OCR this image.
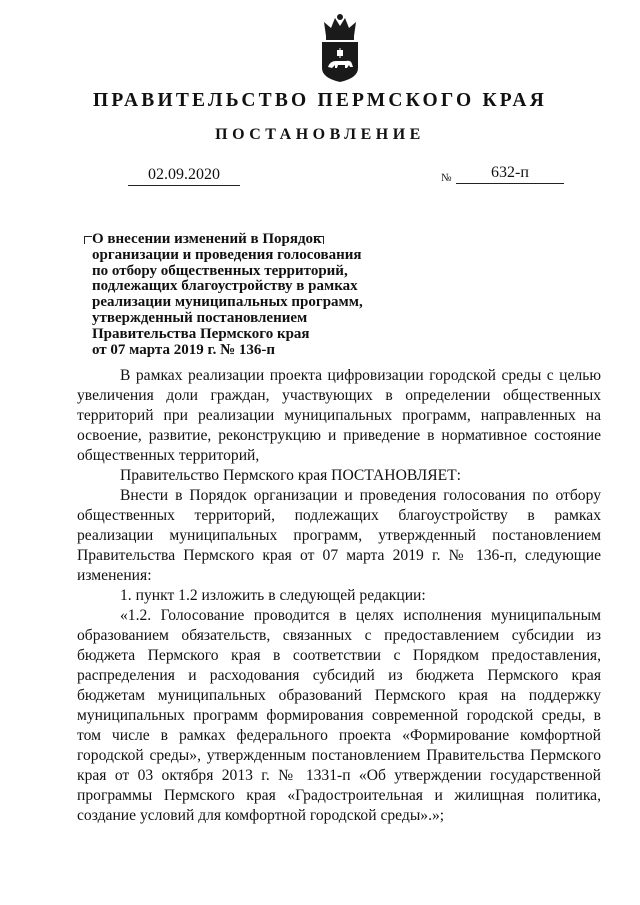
ПРАВИТЕЛЬСТВО ПЕРМСКОГО КРАЯ
ПОСТАНОВЛЕНИЕ
02.09.2020	№	632-п
О внесении изменений в Порядок
организации и проведения голосования
по отбору общественных территорий,
подлежащих благоустройству в рамках
реализации муниципальных программ,
утвержденный постановлением
Правительства Пермского края
от 07 марта 2019 г. № 136-п

В рамках реализации проекта цифровизации городской среды с целью увеличения доли граждан, участвующих в определении общественных территорий при реализации муниципальных программ, направленных на освоение, развитие, реконструкцию и приведение в нормативное состояние общественных территорий,

Правительство Пермского края ПОСТАНОВЛЯЕТ:

Внести в Порядок организации и проведения голосования по отбору общественных территорий, подлежащих благоустройству в рамках реализации муниципальных программ, утвержденный постановлением Правительства Пермского края от 07 марта 2019 г. № 136-п, следующие изменения:

1. пункт 1.2 изложить в следующей редакции:

«1.2. Голосование проводится в целях исполнения муниципальным образованием обязательств, связанных с предоставлением субсидии из бюджета Пермского края в соответствии с Порядком предоставления, распределения и расходования субсидий из бюджета Пермского края бюджетам муниципальных образований Пермского края на поддержку муниципальных программ формирования современной городской среды, в том числе в рамках федерального проекта «Формирование комфортной городской среды», утвержденным постановлением Правительства Пермского края от 03 октября 2013 г. № 1331-п «Об утверждении государственной программы Пермского края «Градостроительная и жилищная политика, создание условий для комфортной городской среды».»;
